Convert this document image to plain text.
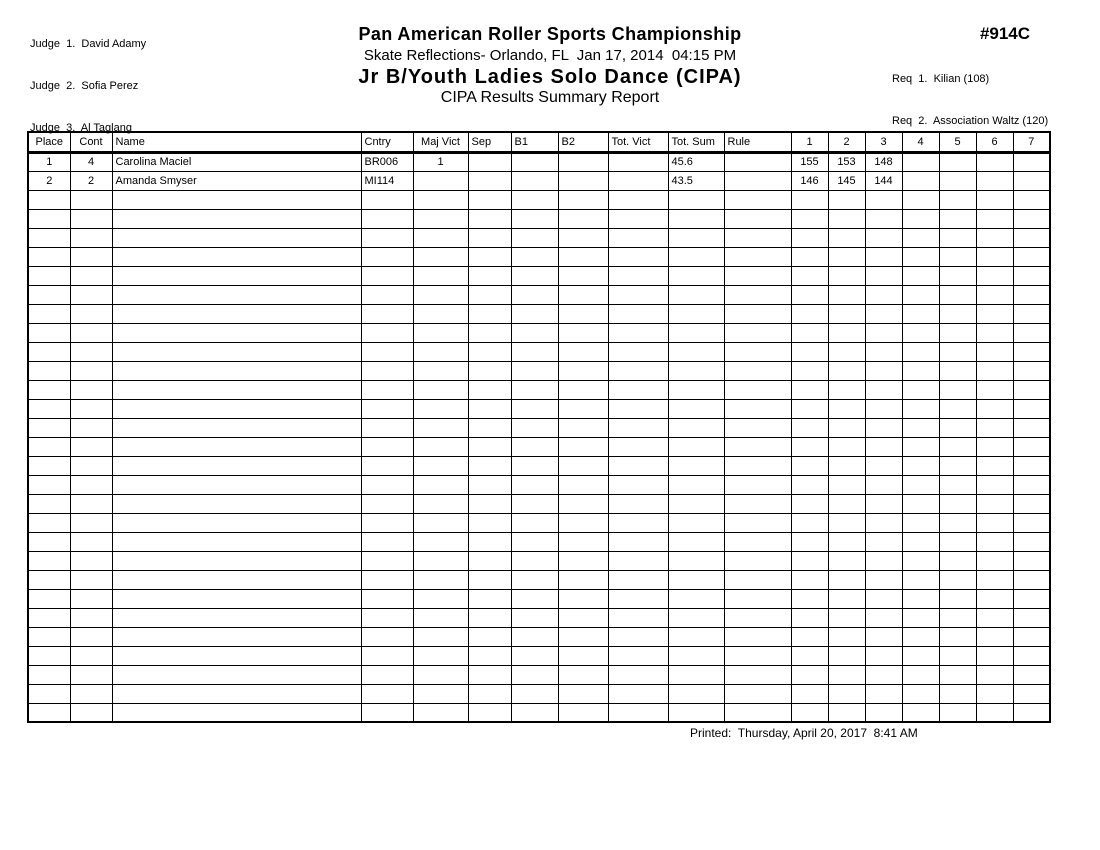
Judge  1.  David Adamy

Judge  2.  Sofia Perez

Judge  3.  Al Taglang

Pan American Roller Sports Championship
Skate Reflections- Orlando, FL  Jan 17, 2014  04:15 PM
Jr B/Youth Ladies Solo Dance (CIPA)
CIPA Results Summary Report
#914C

Req  1.  Kilian (108)

Req  2.  Association Waltz (120)

Place	Cont	Name	Cntry	Maj Vict	Sep	B1	B2	Tot. Vict	Tot. Sum	Rule	1	2	3	4	5	6	7
1	4	Carolina Maciel	BR006	1					45.6		155	153	148				
2	2	Amanda Smyser	MI114						43.5		146	145	144				

Printed:  Thursday, April 20, 2017  8:41 AM
